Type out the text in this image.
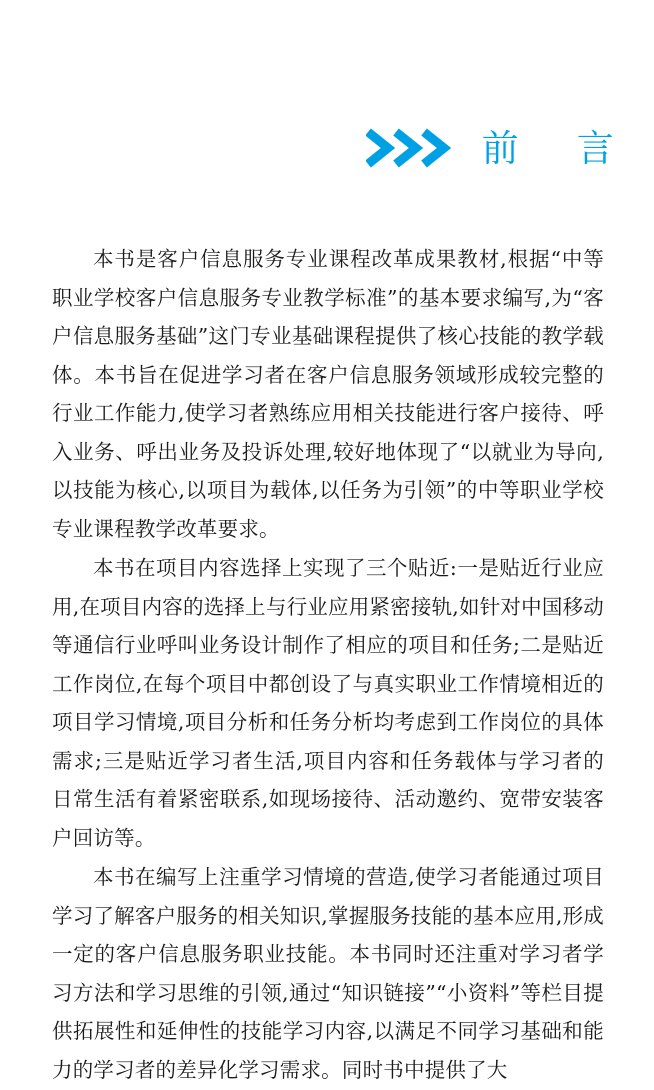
前    言

本书是客户信息服务专业课程改革成果教材,根据“中等职业学校客户信息服务专业教学标准”的基本要求编写,为“客户信息服务基础”这门专业基础课程提供了核心技能的教学载体。本书旨在促进学习者在客户信息服务领域形成较完整的行业工作能力,使学习者熟练应用相关技能进行客户接待、呼入业务、呼出业务及投诉处理,较好地体现了“以就业为导向,以技能为核心,以项目为载体,以任务为引领”的中等职业学校专业课程教学改革要求。

本书在项目内容选择上实现了三个贴近:一是贴近行业应用,在项目内容的选择上与行业应用紧密接轨,如针对中国移动等通信行业呼叫业务设计制作了相应的项目和任务;二是贴近工作岗位,在每个项目中都创设了与真实职业工作情境相近的项目学习情境,项目分析和任务分析均考虑到工作岗位的具体需求;三是贴近学习者生活,项目内容和任务载体与学习者的日常生活有着紧密联系,如现场接待、活动邀约、宽带安装客户回访等。

本书在编写上注重学习情境的营造,使学习者能通过项目学习了解客户服务的相关知识,掌握服务技能的基本应用,形成一定的客户信息服务职业技能。本书同时还注重对学习者学习方法和学习思维的引领,通过“知识链接”“小资料”等栏目提供拓展性和延伸性的技能学习内容,以满足不同学习基础和能力的学习者的差异化学习需求。同时书中提供了大
